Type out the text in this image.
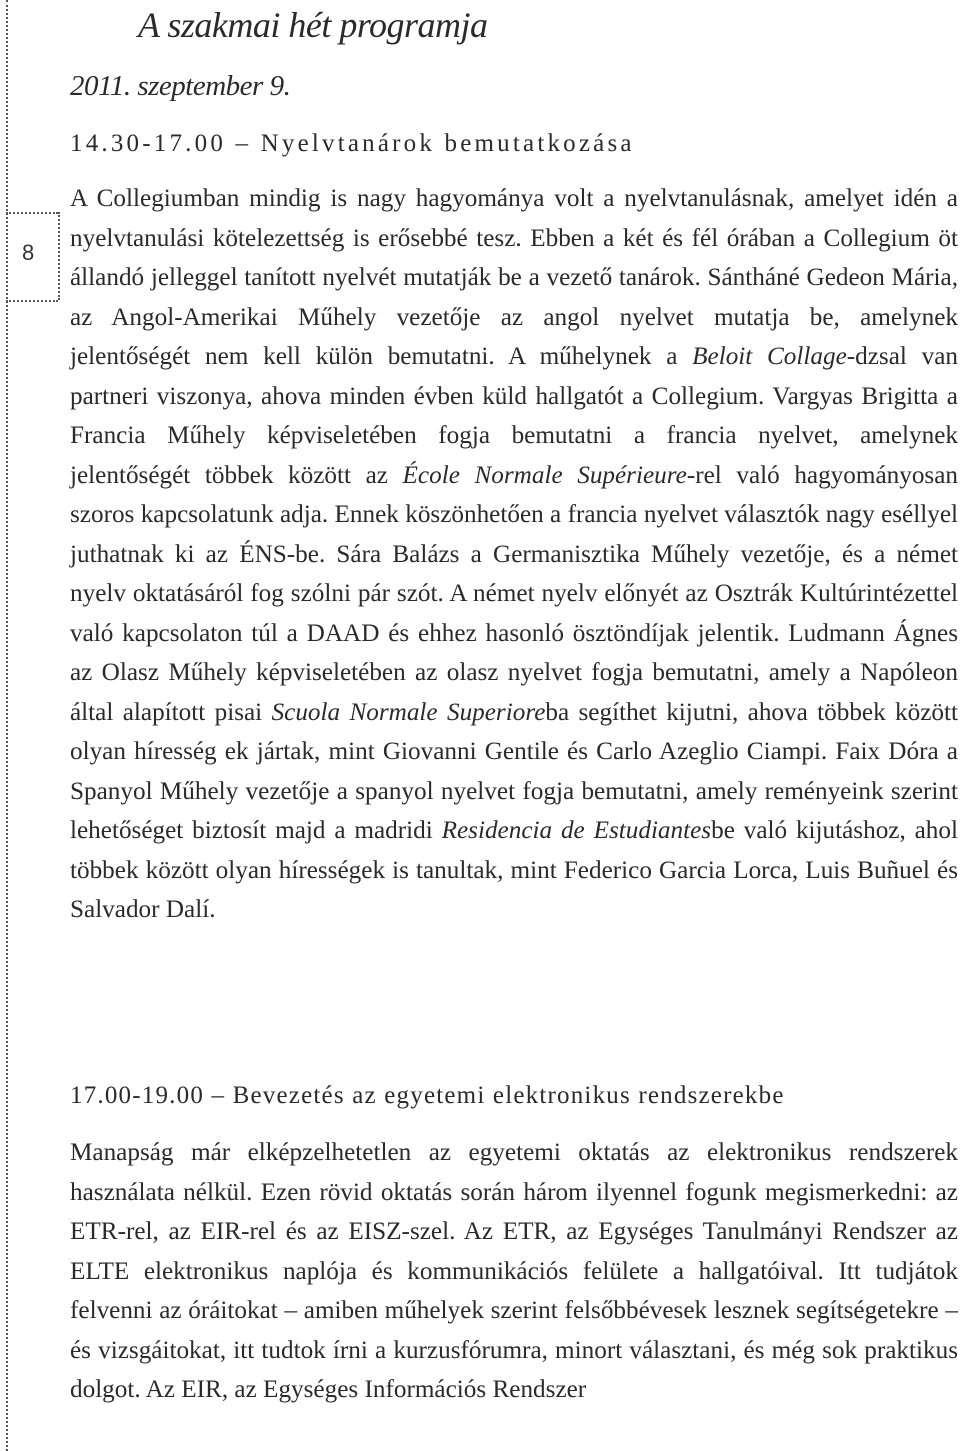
8
A szakmai hét programja
2011. szeptember 9.
14.30-17.00 – Nyelvtanárok bemutatkozása
A Collegiumban mindig is nagy hagyománya volt a nyelvtanulásnak, amelyet idén a nyelvtanulási kötelezettség is erősebbé tesz. Ebben a két és fél órában a Collegium öt állandó jelleggel tanított nyelvét mutatják be a vezető tanárok. Sántháné Gedeon Mária, az Angol-Amerikai Műhely vezetője az angol nyelvet mutatja be, amelynek jelentőségét nem kell külön bemutatni. A műhelynek a Beloit Collage-dzsal van partneri viszonya, ahova minden évben küld hallgatót a Collegium. Vargyas Brigitta a Francia Műhely képviseletében fogja bemutatni a francia nyelvet, amelynek jelentőségét többek között az École Normale Supérieure-rel való hagyományosan szoros kapcsolatunk adja. Ennek köszönhetően a francia nyelvet választók nagy eséllyel juthatnak ki az ÉNS-be. Sára Balázs a Germanisztika Műhely vezetője, és a német nyelv oktatásáról fog szólni pár szót. A német nyelv előnyét az Osztrák Kultúrintézettel való kapcsolaton túl a DAAD és ehhez hasonló ösztöndíjak jelentik. Ludmann Ágnes az Olasz Műhely képviseletében az olasz nyelvet fogja bemutatni, amely a Napóleon által alapított pisai Scuola Normale Superioreba segíthet kijutni, ahova többek között olyan híresség ek jártak, mint Giovanni Gentile és Carlo Azeglio Ciampi. Faix Dóra a Spanyol Műhely vezetője a spanyol nyelvet fogja bemutatni, amely reményeink szerint lehetőséget biztosít majd a madridi Residencia de Estudiantesbe való kijutáshoz, ahol többek között olyan hírességek is tanultak, mint Federico Garcia Lorca, Luis Buñuel és Salvador Dalí.
17.00-19.00 – Bevezetés az egyetemi elektronikus rendszerekbe
Manapság már elképzelhetetlen az egyetemi oktatás az elektronikus rendszerek használata nélkül. Ezen rövid oktatás során három ilyennel fogunk megismerkedni: az ETR-rel, az EIR-rel és az EISZ-szel. Az ETR, az Egységes Tanulmányi Rendszer az ELTE elektronikus naplója és kommunikációs felülete a hallgatóival. Itt tudjátok felvenni az óráitokat – amiben műhelyek szerint felsőbbévesek lesznek segítségetekre – és vizsgáitokat, itt tudtok írni a kurzusfórumra, minort választani, és még sok praktikus dolgot. Az EIR, az Egységes Információs Rendszer
